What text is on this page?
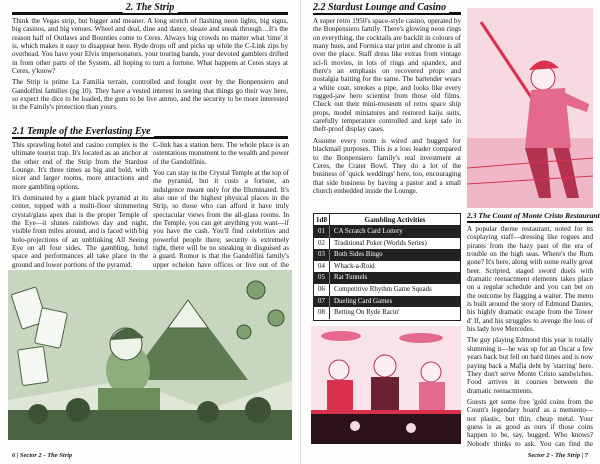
2. The Strip

Think the Vegas strip, but bigger and meaner. A long stretch of flashing neon lights, big signs, big casinos, and big venues. Wheel and deal, dine and dance, sleaze and sneak through…It's the reason half of Outlaws and Bounties come to Ceres. Always big crowds no matter what 'time' it is, which makes it easy to disappear here. Ryde drops off and picks up while the C-Link zips by overhead. You have your Elvis impersonators, your touring bands, your devoted gamblers drifted in from other parts of the System, all hoping to turn a fortune. What happens at Ceres stays at Ceres, y'know?

The Strip is prime La Familia terrain, controlled and fought over by the Bonpensiero and Gandolfini families (pg 10). They have a vested interest in seeing that things go their way here, so expect the dice to be loaded, the guns to be live ammo, and the security to be more interested in the Family's protection than yours.

2.1 Temple of the Everlasting Eye

This sprawling hotel and casino complex is the ultimate tourist trap. It's located as an anchor at the other end of the Strip from the Stardust Lounge. It's three times as big and bold, with nicer and larger rooms, more attractions and more gambling options.

It's dominated by a giant black pyramid at its center, topped with a multi-floor shimmering crystal/glass apex that is the proper Temple of the Eye—it shines rainbows day and night, visible from miles around, and is faced with big holo-projections of an unblinking All Seeing Eye on all four sides. The gambling, hotel space and performances all take place in the ground and lower portions of the pyramid.

C-link has a station here. The whole place is an ostentatious monument to the wealth and power of the Gandolfinis.

You can stay in the Crystal Temple at the top of the pyramid, but it costs a fortune, an indulgence meant only for the Illuminated. It's also one of the highest physical places in the Strip, so those who can afford it have truly spectacular views from the all-glass rooms. In the Temple, you can get anything you want—if you have the cash. You'll find celebrities and powerful people there; security is extremely tight, there will be no sneaking in disguised as a guard. Rumor is that the Gandolfini family's upper echelon have offices or live out of the

6 | Sector 2 - The Strip
2.2 Stardust Lounge and Casino

A super retro 1950's space-style casino, operated by the Bonpensiero family. There's glowing neon rings on everything, the cocktails are backlit in colours of many hues, and Formica star print and chrome is all over the place. Staff dress like extras from vintage sci-fi movies, in lots of rings and spandex, and there's an emphasis on recovered props and nostalgia baiting for the same. The bartender wears a white coat, smokes a pipe, and looks like every rugged-jaw hero scientist from those old films. Check out their mini-museum of retro space ship props, model miniatures and restored kaiju suits, carefully temperature controlled and kept safe in theft-proof display cases.

Assume every room is wired and bugged for blackmail purposes. This is a loss leader compared to the Bonpensiero family's real investment at Ceres, the Crater Bowl. They do a lot of the business of 'quick weddings' here, too, encouraging that side business by having a pastor and a small church embedded inside the Lounge.

1d8	Gambling Activities
01	CA Scratch Card Lottery
02	Traditional Poker (Worlds Series)
03	Both Sides Bingo
04	Whack-a-Roid
05	Rat Tunnels
06	Competitive Rhythm Game Squads
07	Dueling Card Games
08	Betting On Ryde Racin'
2.3 The Count of Monte Cristo Restaurant

A popular theme restaurant, noted for its cosplaying staff—dressing like rogues and pirates from the hazy past of the era of trouble on the high seas. Where's the Rum gone? It's here, along with some really great beer. Scripted, staged sword duels with dramatic reenactment elements takes place on a regular schedule and you can bet on the outcome by flagging a waiter. The menu is built around the story of Edmond Dantes, his highly dramatic escape from the Tower d' If, and his struggles to avenge the loss of his lady love Mercedes.

The guy playing Edmond this year is totally slumming it—he was up for an Oscar a few years back but fell on hard times and is now paying back a Mafia debt by 'starring' here. They don't serve Monte Cristo sandwiches. Food arrives in courses between the dramatic reenactments.

Guests get some free 'gold coins from the Count's legendary hoard' as a memento—not plastic, but thin, cheap metal. Your guess is as good as ours if those coins happen to be, say, bugged. Who knows? Nobody thinks to ask. You can find the

Sector 2 - The Strip | 7
